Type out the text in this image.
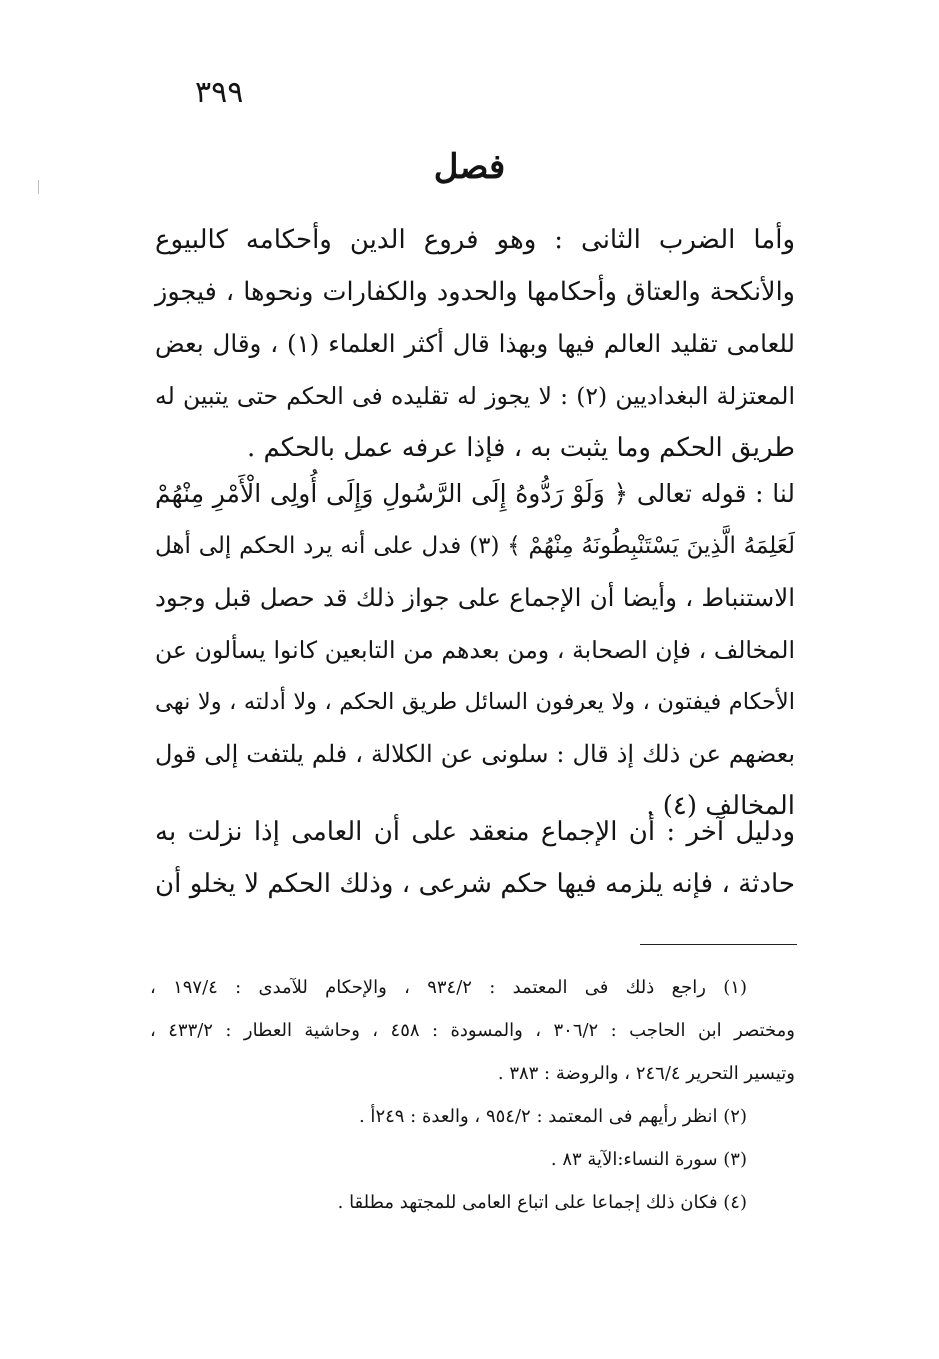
٣٩٩
فصل
وأما الضرب الثانى : وهو فروع الدين وأحكامه كالبيوع
والأنكحة والعتاق وأحكامها والحدود والكفارات ونحوها ، فيجوز
للعامى تقليد العالم فيها وبهذا قال أكثر العلماء (١) ، وقال بعض
المعتزلة البغداديين (٢) : لا يجوز له تقليده فى الحكم حتى يتبين له
طريق الحكم وما يثبت به ، فإذا عرفه عمل بالحكم .
لنا : قوله تعالى ﴿ وَلَوْ رَدُّوهُ إِلَى الرَّسُولِ وَإِلَى أُولِى الْأَمْرِ مِنْهُمْ
لَعَلِمَهُ الَّذِينَ يَسْتَنْبِطُونَهُ مِنْهُمْ ﴾ (٣) فدل على أنه يرد الحكم إلى أهل
الاستنباط ، وأيضا أن الإجماع على جواز ذلك قد حصل قبل وجود
المخالف ، فإن الصحابة ، ومن بعدهم من التابعين كانوا يسألون عن
الأحكام فيفتون ، ولا يعرفون السائل طريق الحكم ، ولا أدلته ، ولا نهى
بعضهم عن ذلك إذ قال : سلونى عن الكلالة ، فلم يلتفت إلى قول
المخالف (٤) .
ودليل آخر : أن الإجماع منعقد على أن العامى إذا نزلت به
حادثة ، فإنه يلزمه فيها حكم شرعى ، وذلك الحكم لا يخلو أن
(١) راجع ذلك فى المعتمد : ٩٣٤/٢ ، والإحكام للآمدى : ١٩٧/٤ ،
ومختصر ابن الحاجب : ٣٠٦/٢ ، والمسودة : ٤٥٨ ، وحاشية العطار : ٤٣٣/٢ ،
وتيسير التحرير ٢٤٦/٤ ، والروضة : ٣٨٣ .
(٢) انظر رأيهم فى المعتمد : ٩٥٤/٢ ، والعدة : ٢٤٩أ .
(٣) سورة النساء:الآية ٨٣ .
(٤) فكان ذلك إجماعا على اتباع العامى للمجتهد مطلقا .
